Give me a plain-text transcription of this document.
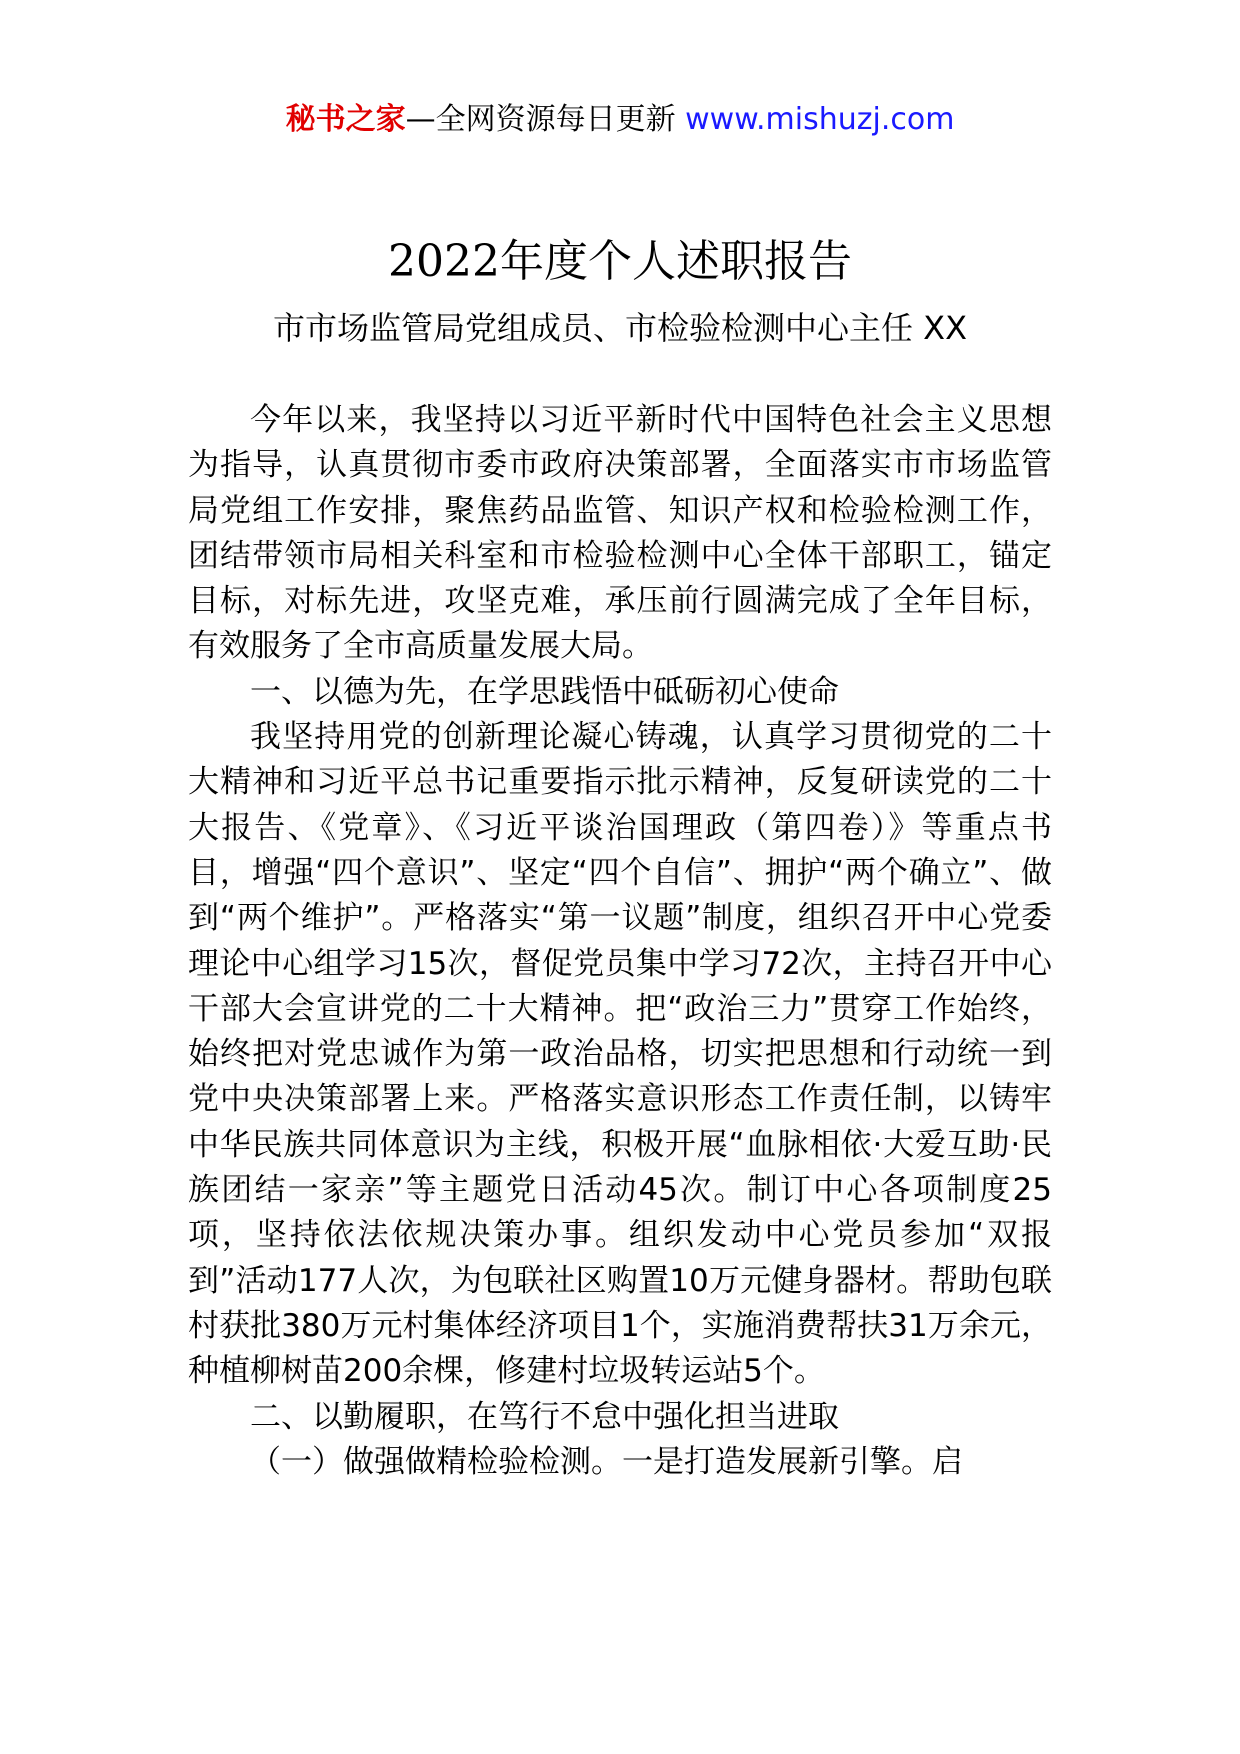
秘书之家—全网资源每日更新 www.mishuzj.com
2022年度个人述职报告
市市场监管局党组成员、市检验检测中心主任 XX

今年以来，我坚持以习近平新时代中国特色社会主义思想为指导，认真贯彻市委市政府决策部署，全面落实市市场监管局党组工作安排，聚焦药品监管、知识产权和检验检测工作，团结带领市局相关科室和市检验检测中心全体干部职工，锚定目标，对标先进，攻坚克难，承压前行圆满完成了全年目标，有效服务了全市高质量发展大局。

一、以德为先，在学思践悟中砥砺初心使命

我坚持用党的创新理论凝心铸魂，认真学习贯彻党的二十大精神和习近平总书记重要指示批示精神，反复研读党的二十大报告、《党章》、《习近平谈治国理政（第四卷）》等重点书目，增强“四个意识”、坚定“四个自信”、拥护“两个确立”、做到“两个维护”。严格落实“第一议题”制度，组织召开中心党委理论中心组学习15次，督促党员集中学习72次，主持召开中心干部大会宣讲党的二十大精神。把“政治三力”贯穿工作始终，始终把对党忠诚作为第一政治品格，切实把思想和行动统一到党中央决策部署上来。严格落实意识形态工作责任制，以铸牢中华民族共同体意识为主线，积极开展“血脉相依·大爱互助·民族团结一家亲”等主题党日活动45次。制订中心各项制度25项，坚持依法依规决策办事。组织发动中心党员参加“双报到”活动177人次，为包联社区购置10万元健身器材。帮助包联村获批380万元村集体经济项目1个，实施消费帮扶31万余元，种植柳树苗200余棵，修建村垃圾转运站5个。

二、以勤履职，在笃行不怠中强化担当进取

（一）做强做精检验检测。一是打造发展新引擎。启
